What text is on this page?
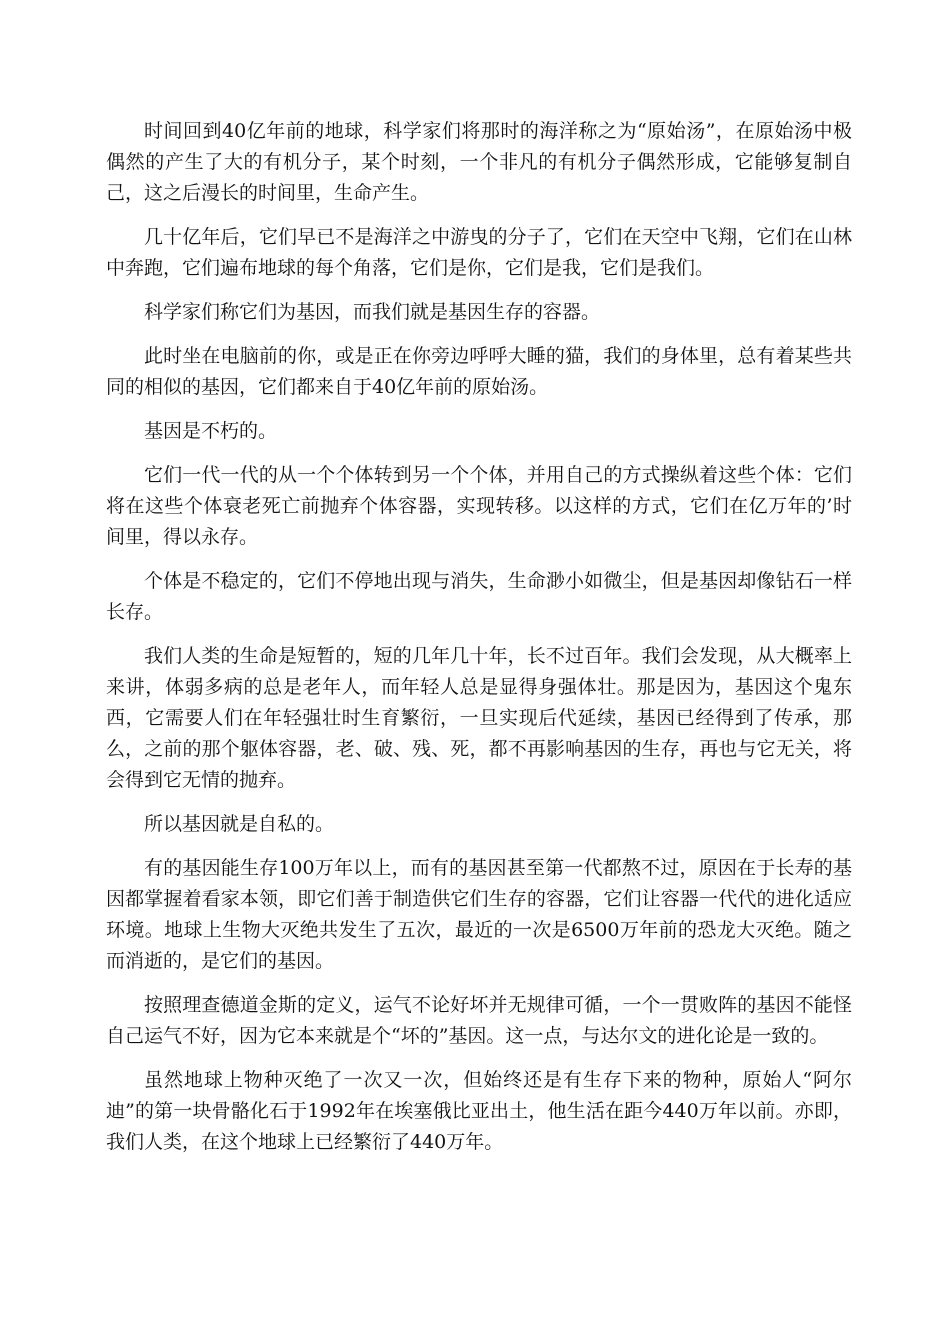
时间回到40亿年前的地球，科学家们将那时的海洋称之为“原始汤”，在原始汤中极偶然的产生了大的有机分子，某个时刻，一个非凡的有机分子偶然形成，它能够复制自己，这之后漫长的时间里，生命产生。

几十亿年后，它们早已不是海洋之中游曳的分子了，它们在天空中飞翔，它们在山林中奔跑，它们遍布地球的每个角落，它们是你，它们是我，它们是我们。

科学家们称它们为基因，而我们就是基因生存的容器。

此时坐在电脑前的你，或是正在你旁边呼呼大睡的猫，我们的身体里，总有着某些共同的相似的基因，它们都来自于40亿年前的原始汤。

基因是不朽的。

它们一代一代的从一个个体转到另一个个体，并用自己的方式操纵着这些个体：它们将在这些个体衰老死亡前抛弃个体容器，实现转移。以这样的方式，它们在亿万年的’时间里，得以永存。

个体是不稳定的，它们不停地出现与消失，生命渺小如微尘，但是基因却像钻石一样长存。

我们人类的生命是短暂的，短的几年几十年，长不过百年。我们会发现，从大概率上来讲，体弱多病的总是老年人，而年轻人总是显得身强体壮。那是因为，基因这个鬼东西，它需要人们在年轻强壮时生育繁衍，一旦实现后代延续，基因已经得到了传承，那么，之前的那个躯体容器，老、破、残、死，都不再影响基因的生存，再也与它无关，将会得到它无情的抛弃。

所以基因就是自私的。

有的基因能生存100万年以上，而有的基因甚至第一代都熬不过，原因在于长寿的基因都掌握着看家本领，即它们善于制造供它们生存的容器，它们让容器一代代的进化适应环境。地球上生物大灭绝共发生了五次，最近的一次是6500万年前的恐龙大灭绝。随之而消逝的，是它们的基因。

按照理查德道金斯的定义，运气不论好坏并无规律可循，一个一贯败阵的基因不能怪自己运气不好，因为它本来就是个“坏的”基因。这一点，与达尔文的进化论是一致的。

虽然地球上物种灭绝了一次又一次，但始终还是有生存下来的物种，原始人“阿尔迪”的第一块骨骼化石于1992年在埃塞俄比亚出土，他生活在距今440万年以前。亦即，我们人类，在这个地球上已经繁衍了440万年。
